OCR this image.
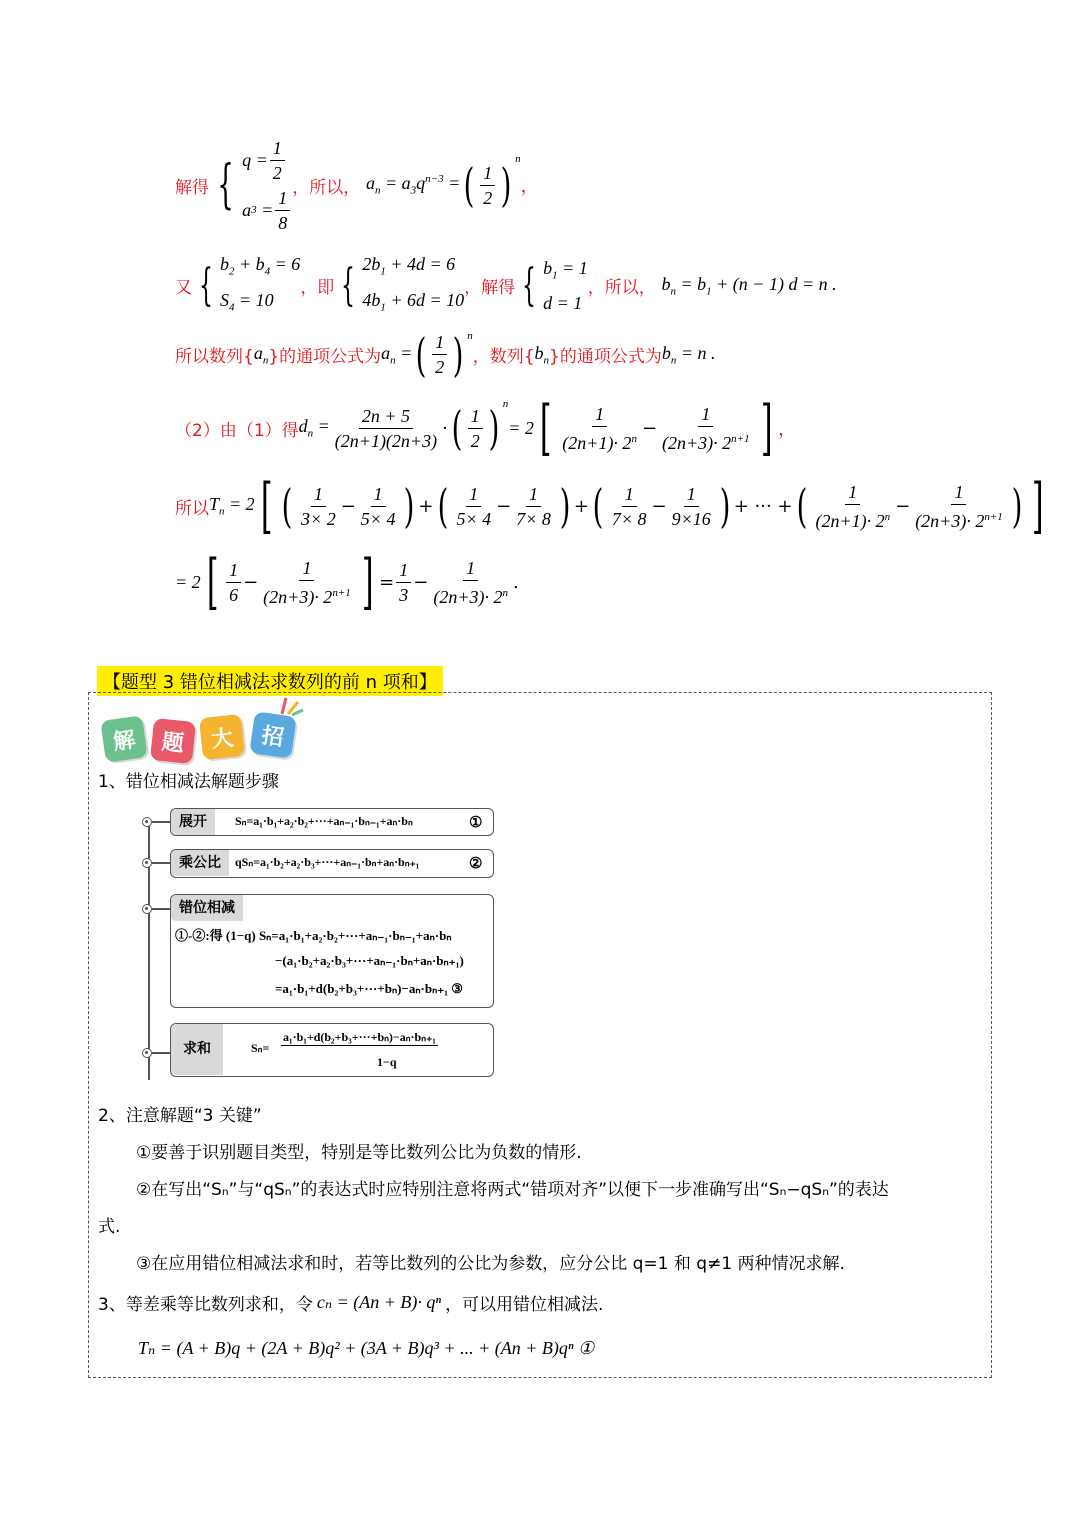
解得 { $q = \frac{1}{2}$
a 3
= $\frac{1}{8}$ ，所以，
$a_n = a_3q^{n-3}$ = ( $\frac{1}{2}$ ) $^n$
，
又 { $b_2 + b_4 = 6$
$S_4 = 10$
，即 { $2b_1 + 4d = 6$
$4b_1 + 6d = 10$
，解得 { $b_1 = 1$
d = 1
，所以，
$b_n = b_1 + (n - 1) d = n$ .
所以数列{ $a_n$ }的通项公式为 $a_n$ = ( $\frac{1}{2}$ ) $^n$
，数列{ $b_n$ }的通项公式为 $b_n = n$ .
（2）由（1）得 $d_n = \frac{2n + 5}{(2n+1)(2n+3)}$ · ( $\frac{1}{2}$ ) $^n$
= 2 [ $\frac{1}{(2n+1)\cdot 2^n} - \frac{1}{(2n+3)\cdot 2^{n+1}}$ ] ，
所以 $T_n = 2$ [ ( $\frac{1}{3\times 2} - \frac{1}{5\times 4}$ ) + ( $\frac{1}{5\times 4} - \frac{1}{7\times 8}$ ) + ( $\frac{1}{7\times 8} - \frac{1}{9\times 16}$ ) + ··· + ( $\frac{1}{(2n+1)\cdot 2^n} - \frac{1}{(2n+3)\cdot 2^{n+1}}$ ) ]
= 2 [ $\frac{1}{6} - \frac{1}{(2n+3)\cdot 2^{n+1}}$ ] = $\frac{1}{3} - \frac{1}{(2n+3)\cdot 2^n}$ .
【题型 3 错位相减法求数列的前 n 项和】
解	题	大	招
1、错位相减法解题步骤
展开	Sₙ=a₁·b₁+a₂·b₂+···+aₙ₋₁·bₙ₋₁+aₙ·bₙ	①
乘公比	qSₙ=a₁·b₂+a₂·b₃+···+aₙ₋₁·bₙ+aₙ·bₙ₊₁	②
错位相减
①-②:得 (1−q) Sₙ=a₁·b₁+a₂·b₂+···+aₙ₋₁·bₙ₋₁+aₙ·bₙ
−(a₁·b₂+a₂·b₃+···+aₙ₋₁·bₙ+aₙ·bₙ₊₁)
=a₁·b₁+d(b₂+b₃+···+bₙ)−aₙ·bₙ₊₁ ③
求和	Sₙ=
a₁·b₁+d(b₂+b₃+···+bₙ)−aₙ·bₙ₊₁
1−q
2、注意解题“3 关键”
①要善于识别题目类型，特别是等比数列公比为负数的情形.
②在写出“Sₙ”与“qSₙ”的表达式时应特别注意将两式“错项对齐”以便下一步准确写出“Sₙ−qSₙ”的表达
式.
③在应用错位相减法求和时，若等比数列的公比为参数，应分公比 q=1 和 q≠1 两种情况求解.
3、等差乘等比数列求和，令 cₙ = (An + B)· qⁿ ，可以用错位相减法.
Tₙ = (A + B)q + (2A + B)q² + (3A + B)q³ + ... + (An + B)qⁿ ①
